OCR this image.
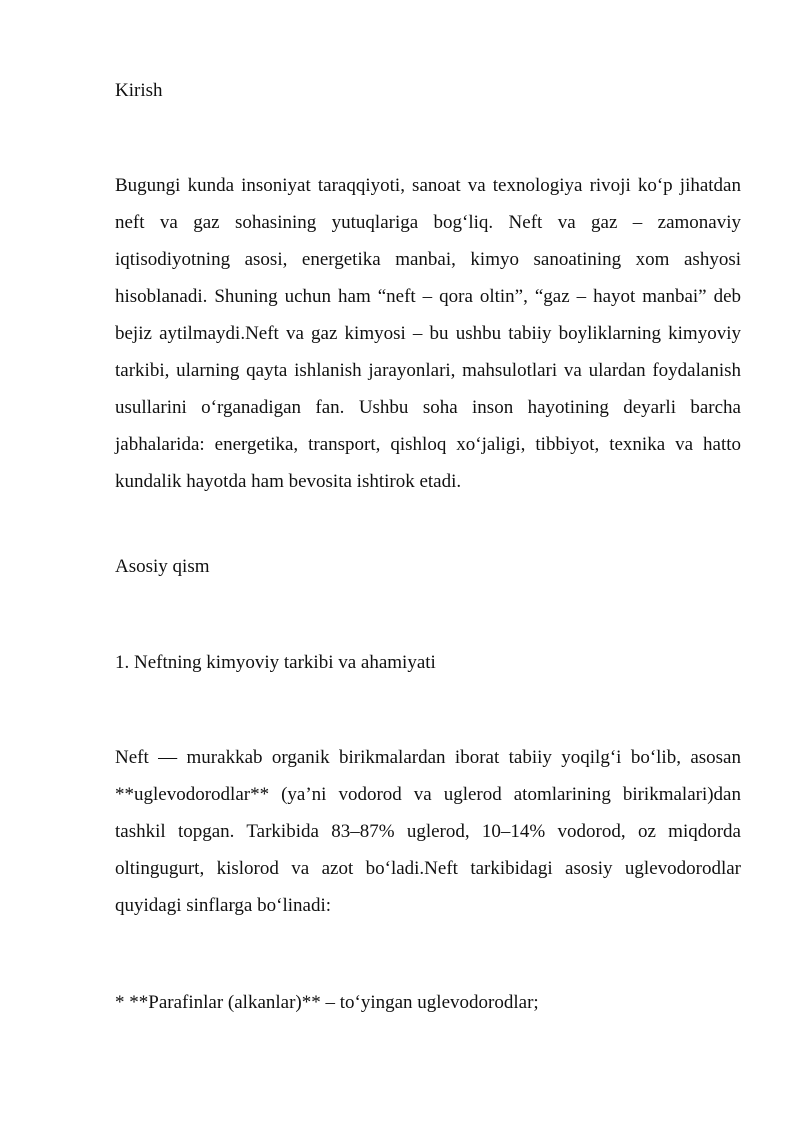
Kirish

Bugungi kunda insoniyat taraqqiyoti, sanoat va texnologiya rivoji ko‘p jihatdan neft va gaz sohasining yutuqlariga bog‘liq. Neft va gaz – zamonaviy iqtisodiyotning asosi, energetika manbai, kimyo sanoatining xom ashyosi hisoblanadi. Shuning uchun ham “neft – qora oltin”, “gaz – hayot manbai” deb bejiz aytilmaydi.Neft va gaz kimyosi – bu ushbu tabiiy boyliklarning kimyoviy tarkibi, ularning qayta ishlanish jarayonlari, mahsulotlari va ulardan foydalanish usullarini o‘rganadigan fan. Ushbu soha inson hayotining deyarli barcha jabhalarida: energetika, transport, qishloq xo‘jaligi, tibbiyot, texnika va hatto kundalik hayotda ham bevosita ishtirok etadi.

Asosiy qism

1. Neftning kimyoviy tarkibi va ahamiyati

Neft — murakkab organik birikmalardan iborat tabiiy yoqilg‘i bo‘lib, asosan **uglevodorodlar** (ya’ni vodorod va uglerod atomlarining birikmalari)dan tashkil topgan. Tarkibida 83–87% uglerod, 10–14% vodorod, oz miqdorda oltingugurt, kislorod va azot bo‘ladi.Neft tarkibidagi asosiy uglevodorodlar quyidagi sinflarga bo‘linadi:

* **Parafinlar (alkanlar)** – to‘yingan uglevodorodlar;
